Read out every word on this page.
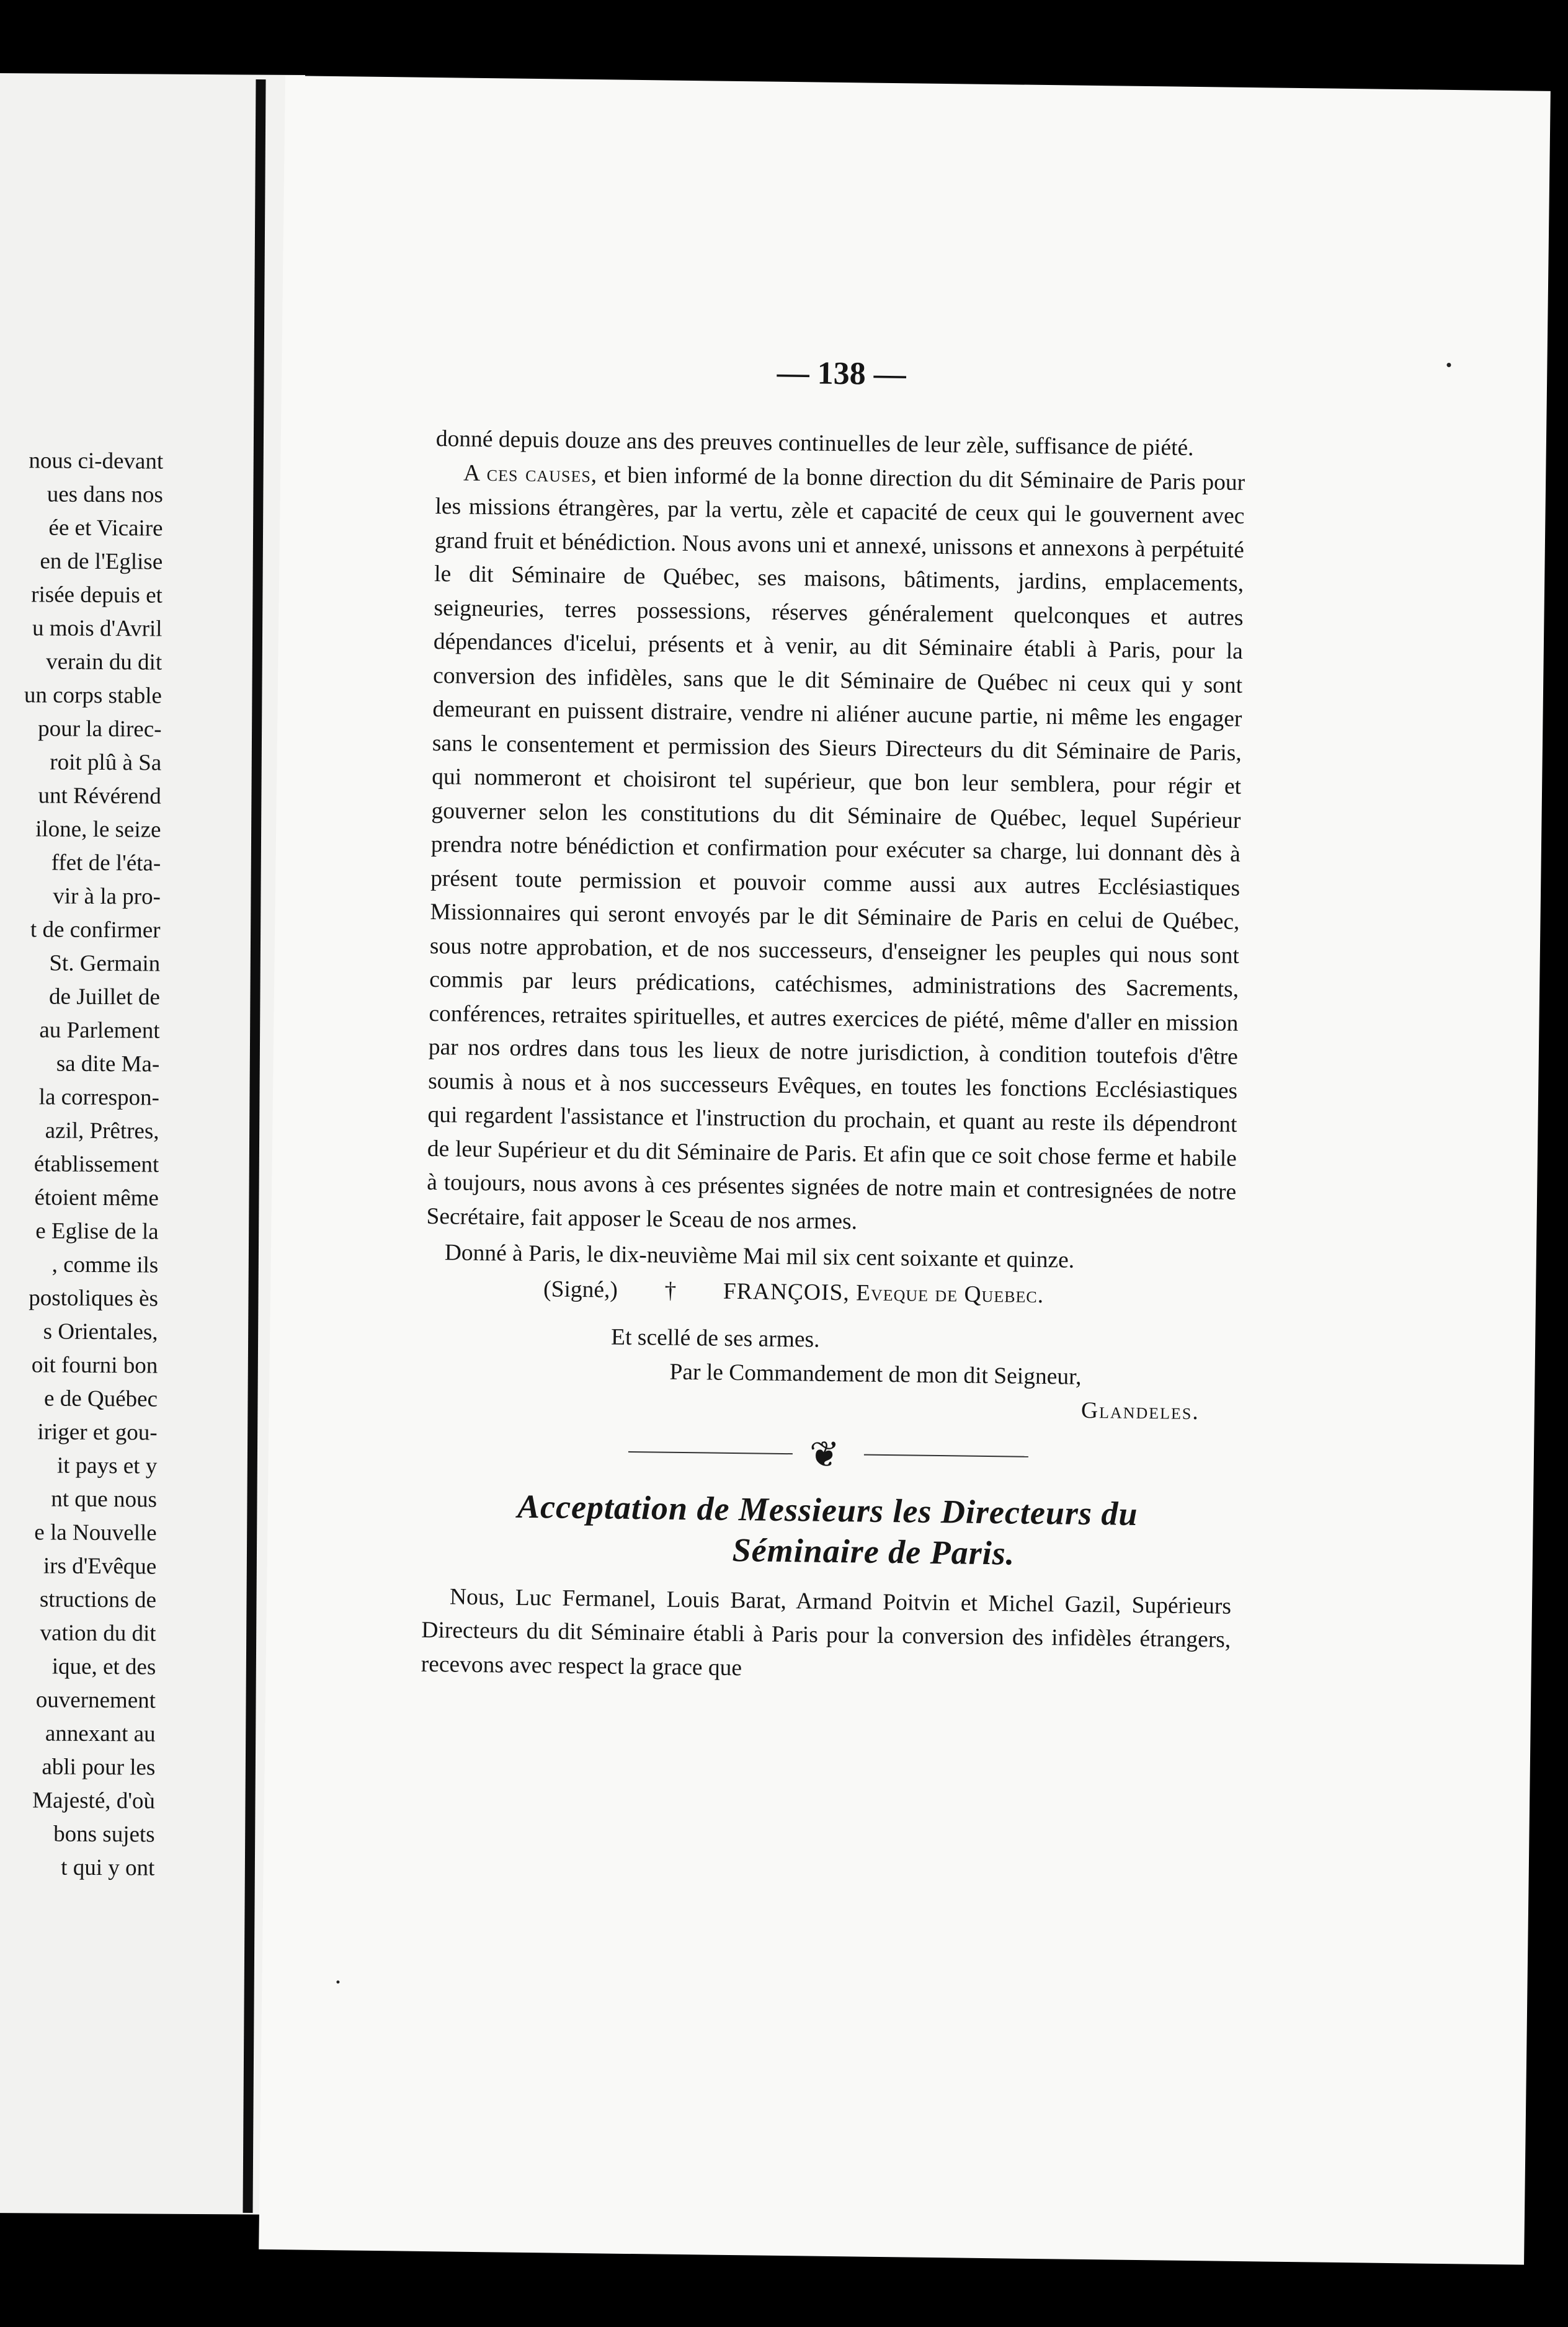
nous ci-devant
ues dans nos
ée et Vicaire
en de l'Eglise
risée depuis et
u mois d'Avril
verain du dit
un corps stable
pour la direc-
roit plû à Sa
unt Révérend
ilone, le seize
ffet de l'éta-
vir à la pro-
t de confirmer
St. Germain
de Juillet de
au Parlement
sa dite Ma-
la correspon-
azil, Prêtres,
établissement
étoient même
e Eglise de la
, comme ils
postoliques ès
s Orientales,
oit fourni bon
e de Québec
iriger et gou-
it pays et y
nt que nous
e la Nouvelle
irs d'Evêque
structions de
vation du dit
ique, et des
ouvernement
annexant au
abli pour les
Majesté, d'où
bons sujets
t qui y ont
— 138 —
donné depuis douze ans des preuves continuelles de leur zèle, suffisance de piété.
A ces causes, et bien informé de la bonne direction du dit Séminaire de Paris pour les missions étrangères, par la vertu, zèle et capacité de ceux qui le gouvernent avec grand fruit et bénédiction. Nous avons uni et annexé, unissons et annexons à perpétuité le dit Séminaire de Québec, ses maisons, bâtiments, jardins, emplacements, seigneuries, terres possessions, réserves généralement quelconques et autres dépendances d'icelui, présents et à venir, au dit Séminaire établi à Paris, pour la conversion des infidèles, sans que le dit Séminaire de Québec ni ceux qui y sont demeurant en puissent distraire, vendre ni aliéner aucune partie, ni même les engager sans le consentement et permission des Sieurs Directeurs du dit Séminaire de Paris, qui nommeront et choisiront tel supérieur, que bon leur semblera, pour régir et gouverner selon les constitutions du dit Séminaire de Québec, lequel Supérieur prendra notre bénédiction et confirmation pour exécuter sa charge, lui donnant dès à présent toute permission et pouvoir comme aussi aux autres Ecclésiastiques Missionnaires qui seront envoyés par le dit Séminaire de Paris en celui de Québec, sous notre approbation, et de nos successeurs, d'enseigner les peuples qui nous sont commis par leurs prédications, catéchismes, administrations des Sacrements, conférences, retraites spirituelles, et autres exercices de piété, même d'aller en mission par nos ordres dans tous les lieux de notre jurisdiction, à condition toutefois d'être soumis à nous et à nos successeurs Evêques, en toutes les fonctions Ecclésiastiques qui regardent l'assistance et l'instruction du prochain, et quant au reste ils dépendront de leur Supérieur et du dit Séminaire de Paris. Et afin que ce soit chose ferme et habile à toujours, nous avons à ces présentes signées de notre main et contresignées de notre Secrétaire, fait apposer le Sceau de nos armes.
Donné à Paris, le dix-neuvième Mai mil six cent soixante et quinze.
(Signé,) † FRANÇOIS, Eveque de Quebec.
Et scellé de ses armes.
Par le Commandement de mon dit Seigneur,
Glandeles.
❦
Acceptation de Messieurs les Directeurs du
Séminaire de Paris.
Nous, Luc Fermanel, Louis Barat, Armand Poitvin et Michel Gazil, Supérieurs Directeurs du dit Séminaire établi à Paris pour la conversion des infidèles étrangers, recevons avec respect la grace que
